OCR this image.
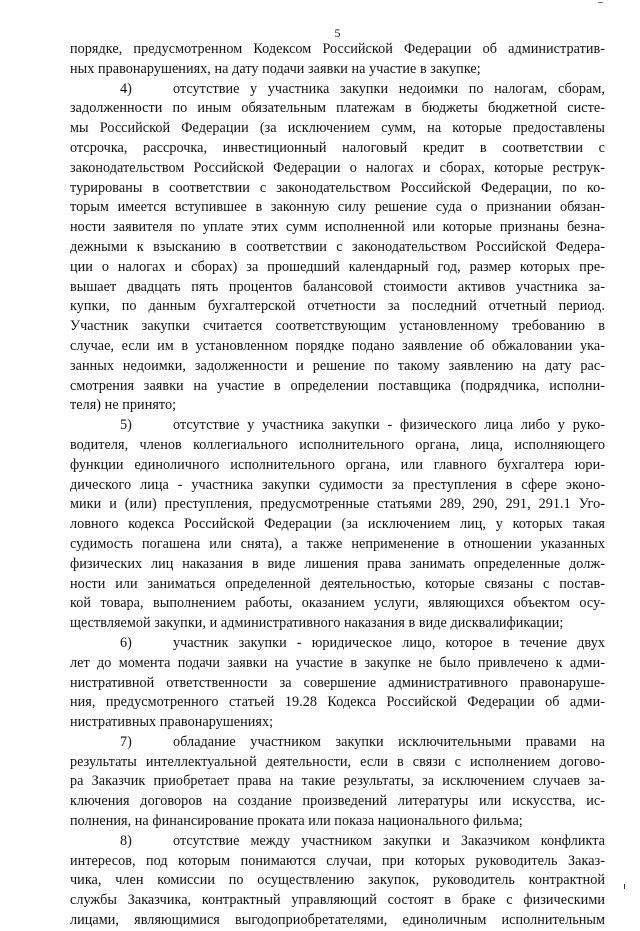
5
порядке, предусмотренном Кодексом Российской Федерации об административ-
ных правонарушениях, на дату подачи заявки на участие в закупке;
4)	отсутствие у участника закупки недоимки по налогам, сборам,
задолженности по иным обязательным платежам в бюджеты бюджетной систе-
мы Российской Федерации (за исключением сумм, на которые предоставлены
отсрочка, рассрочка, инвестиционный налоговый кредит в соответствии с
законодательством Российской Федерации о налогах и сборах, которые реструк-
турированы в соответствии с законодательством Российской Федерации, по ко-
торым имеется вступившее в законную силу решение суда о признании обязан-
ности заявителя по уплате этих сумм исполненной или которые признаны безна-
дежными к взысканию в соответствии с законодательством Российской Федера-
ции о налогах и сборах) за прошедший календарный год, размер которых пре-
вышает двадцать пять процентов балансовой стоимости активов участника за-
купки, по данным бухгалтерской отчетности за последний отчетный период.
Участник закупки считается соответствующим установленному требованию в
случае, если им в установленном порядке подано заявление об обжаловании ука-
занных недоимки, задолженности и решение по такому заявлению на дату рас-
смотрения заявки на участие в определении поставщика (подрядчика, исполни-
теля) не принято;
5)	отсутствие у участника закупки - физического лица либо у руко-
водителя, членов коллегиального исполнительного органа, лица, исполняющего
функции единоличного исполнительного органа, или главного бухгалтера юри-
дического лица - участника закупки судимости за преступления в сфере эконо-
мики и (или) преступления, предусмотренные статьями 289, 290, 291, 291.1 Уго-
ловного кодекса Российской Федерации (за исключением лиц, у которых такая
судимость погашена или снята), а также неприменение в отношении указанных
физических лиц наказания в виде лишения права занимать определенные долж-
ности или заниматься определенной деятельностью, которые связаны с постав-
кой товара, выполнением работы, оказанием услуги, являющихся объектом осу-
ществляемой закупки, и административного наказания в виде дисквалификации;
6)	участник закупки - юридическое лицо, которое в течение двух
лет до момента подачи заявки на участие в закупке не было привлечено к адми-
нистративной ответственности за совершение административного правонаруше-
ния, предусмотренного статьей 19.28 Кодекса Российской Федерации об адми-
нистративных правонарушениях;
7)	обладание участником закупки исключительными правами на
результаты интеллектуальной деятельности, если в связи с исполнением догово-
ра Заказчик приобретает права на такие результаты, за исключением случаев за-
ключения договоров на создание произведений литературы или искусства, ис-
полнения, на финансирование проката или показа национального фильма;
8)	отсутствие между участником закупки и Заказчиком конфликта
интересов, под которым понимаются случаи, при которых руководитель Заказ-
чика, член комиссии по осуществлению закупок, руководитель контрактной
службы Заказчика, контрактный управляющий состоят в браке с физическими
лицами, являющимися выгодоприобретателями, единоличным исполнительным
